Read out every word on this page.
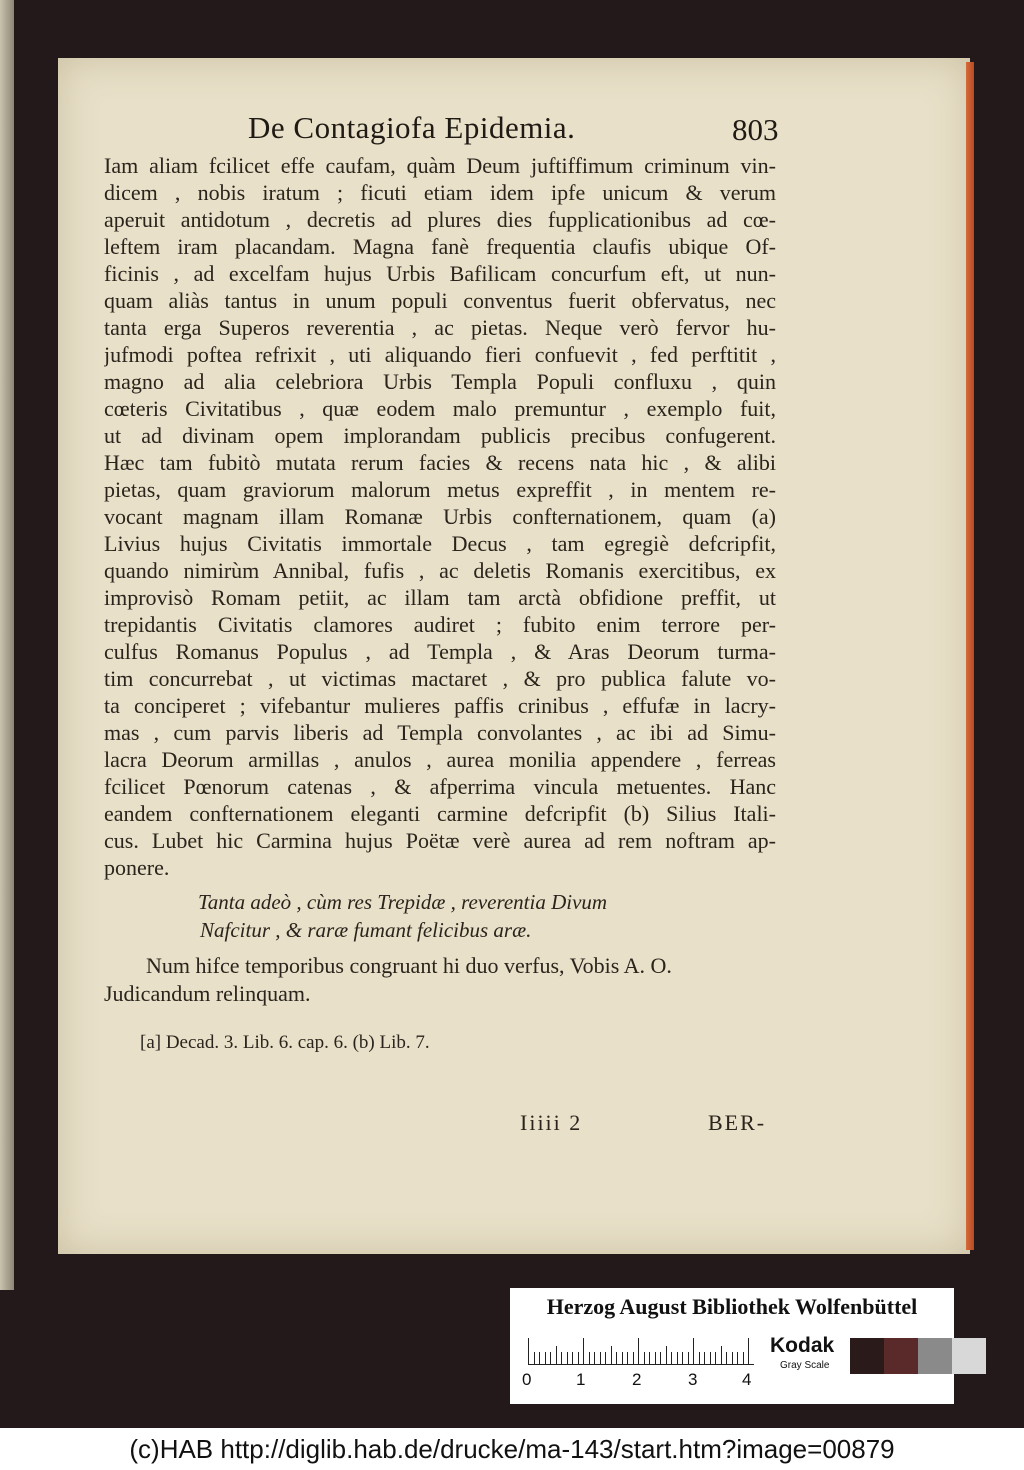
De Contagiofa Epidemia.	803
Iam aliam fcilicet effe caufam, quàm Deum juftiffimum criminum vin-
dicem , nobis iratum ; ficuti etiam idem ipfe unicum & verum
aperuit antidotum , decretis ad plures dies fupplicationibus ad cœ-
leftem iram placandam. Magna fanè frequentia claufis ubique Of-
ficinis , ad excelfam hujus Urbis Bafilicam concurfum eft, ut nun-
quam aliàs tantus in unum populi conventus fuerit obfervatus, nec
tanta erga Superos reverentia , ac pietas. Neque verò fervor hu-
jufmodi poftea refrixit , uti aliquando fieri confuevit , fed perftitit ,
magno ad alia celebriora Urbis Templa Populi confluxu , quin
cœteris Civitatibus , quæ eodem malo premuntur , exemplo fuit,
ut ad divinam opem implorandam publicis precibus confugerent.
Hæc tam fubitò mutata rerum facies & recens nata hic , & alibi
pietas, quam graviorum malorum metus expreffit , in mentem re-
vocant magnam illam Romanæ Urbis confternationem, quam (a)
Livius hujus Civitatis immortale Decus , tam egregiè defcripfit,
quando nimirùm Annibal, fufis , ac deletis Romanis exercitibus, ex
improvisò Romam petiit, ac illam tam arctà obfidione preffit, ut
trepidantis Civitatis clamores audiret ; fubito enim terrore per-
culfus Romanus Populus , ad Templa , & Aras Deorum turma-
tim concurrebat , ut victimas mactaret , & pro publica falute vo-
ta conciperet ; vifebantur mulieres paffis crinibus , effufæ in lacry-
mas , cum parvis liberis ad Templa convolantes , ac ibi ad Simu-
lacra Deorum armillas , anulos , aurea monilia appendere , ferreas
fcilicet Pœnorum catenas , & afperrima vincula metuentes. Hanc
eandem confternationem eleganti carmine defcripfit (b) Silius Itali-
cus. Lubet hic Carmina hujus Poëtæ verè aurea ad rem noftram ap-
ponere.
Tanta adeò , cùm res Trepidæ , reverentia Divum
Nafcitur , & raræ fumant felicibus aræ.
Num hifce temporibus congruant hi duo verfus, Vobis A. O.
Judicandum relinquam.
[a] Decad. 3. Lib. 6. cap. 6. (b) Lib. 7.
Iiiii 2	BER-
Herzog August Bibliothek Wolfenbüttel
0	1	2	3	4
Kodak
Gray Scale
(c)HAB http://diglib.hab.de/drucke/ma-143/start.htm?image=00879
